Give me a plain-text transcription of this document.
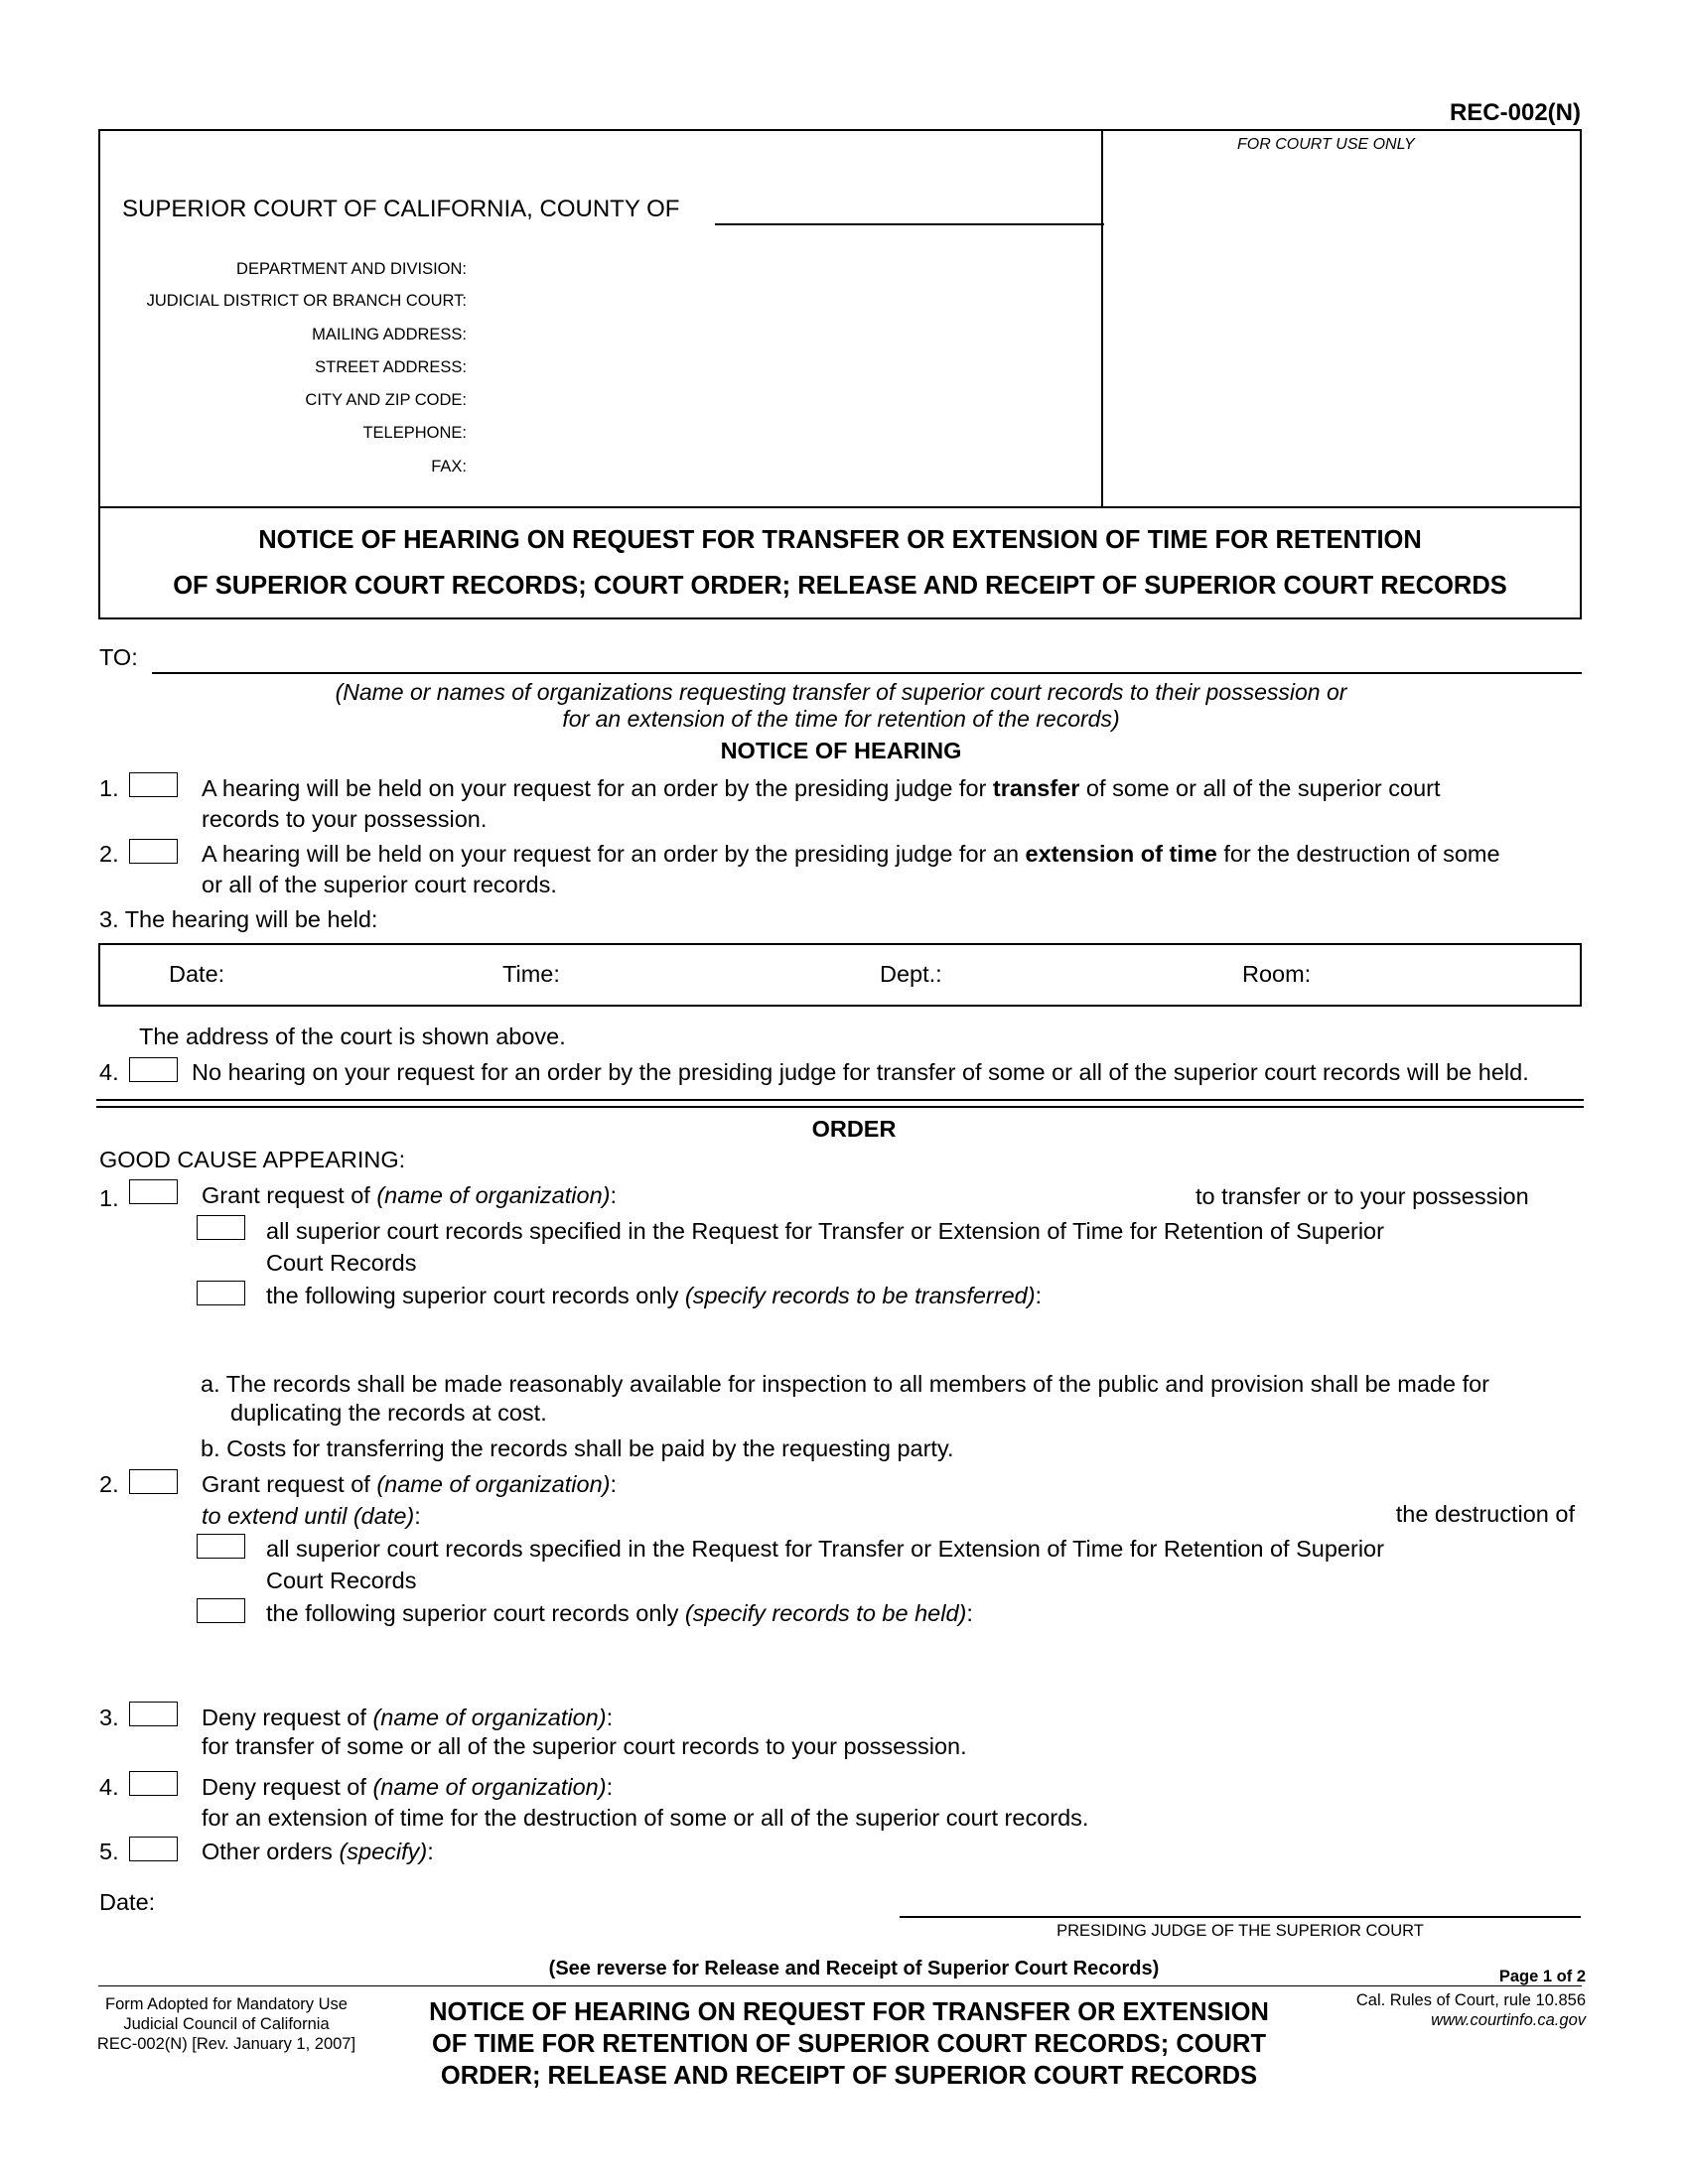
REC-002(N)
FOR COURT USE ONLY
SUPERIOR COURT OF CALIFORNIA, COUNTY OF
DEPARTMENT AND DIVISION:
JUDICIAL DISTRICT OR BRANCH COURT:
MAILING ADDRESS:
STREET ADDRESS:
CITY AND ZIP CODE:
TELEPHONE:
FAX:
NOTICE OF HEARING ON REQUEST FOR TRANSFER OR EXTENSION OF TIME FOR RETENTION
OF SUPERIOR COURT RECORDS; COURT ORDER; RELEASE AND RECEIPT OF SUPERIOR COURT RECORDS
TO:
(Name or names of organizations requesting transfer of superior court records to their possession or
for an extension of the time for retention of the records)
NOTICE OF HEARING
1.	A hearing will be held on your request for an order by the presiding judge for transfer of some or all of the superior court
records to your possession.
2.	A hearing will be held on your request for an order by the presiding judge for an extension of time for the destruction of some
or all of the superior court records.
3. The hearing will be held:
Date:	Time:	Dept.:	Room:
The address of the court is shown above.
4.	No hearing on your request for an order by the presiding judge for transfer of some or all of the superior court records will be held.
ORDER
GOOD CAUSE APPEARING:
1.	Grant request of (name of organization):	to transfer or to your possession
all superior court records specified in the Request for Transfer or Extension of Time for Retention of Superior
Court Records
the following superior court records only (specify records to be transferred):
a. The records shall be made reasonably available for inspection to all members of the public and provision shall be made for
duplicating the records at cost.
b. Costs for transferring the records shall be paid by the requesting party.
2.	Grant request of (name of organization):
to extend until (date):	the destruction of
all superior court records specified in the Request for Transfer or Extension of Time for Retention of Superior
Court Records
the following superior court records only (specify records to be held):
3.	Deny request of (name of organization):
for transfer of some or all of the superior court records to your possession.
4.	Deny request of (name of organization):
for an extension of time for the destruction of some or all of the superior court records.
5.	Other orders (specify):
Date:
PRESIDING JUDGE OF THE SUPERIOR COURT
(See reverse for Release and Receipt of Superior Court Records)	Page 1 of 2
Form Adopted for Mandatory Use
Judicial Council of California
REC-002(N) [Rev. January 1, 2007]
NOTICE OF HEARING ON REQUEST FOR TRANSFER OR EXTENSION
OF TIME FOR RETENTION OF SUPERIOR COURT RECORDS; COURT
ORDER; RELEASE AND RECEIPT OF SUPERIOR COURT RECORDS
Cal. Rules of Court, rule 10.856
www.courtinfo.ca.gov
